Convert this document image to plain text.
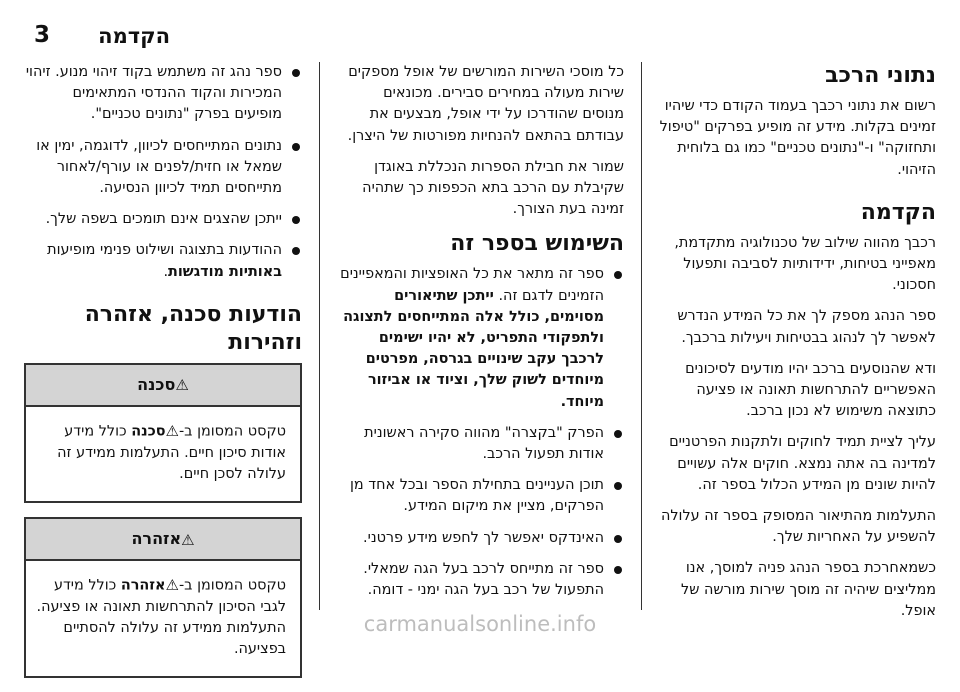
הקדמה
3
נתוני הרכב

רשום את נתוני רכבך בעמוד הקודם כדי שיהיו זמינים בקלות. מידע זה מופיע בפרקים "טיפול ותחזוקה" ו-"נתונים טכניים" כמו גם בלוחית הזיהוי.

הקדמה

רכבך מהווה שילוב של טכנולוגיה מתקדמת, מאפייני בטיחות, ידידותיות לסביבה ותפעול חסכוני.

ספר הנהג מספק לך את כל המידע הנדרש לאפשר לך לנהוג בבטיחות ויעילות ברכבך.

ודא שהנוסעים ברכב יהיו מודעים לסיכונים האפשריים להתרחשות תאונה או פציעה כתוצאה משימוש לא נכון ברכב.

עליך לציית תמיד לחוקים ולתקנות הפרטניים למדינה בה אתה נמצא. חוקים אלה עשויים להיות שונים מן המידע הכלול בספר זה.

התעלמות מהתיאור המסופק בספר זה עלולה להשפיע על האחריות שלך.

כשמאחרכת בספר הנהג פניה למוסך, אנו ממליצים שיהיה זה מוסך שירות מורשה של אופל.

כל מוסכי השירות המורשים של אופל מספקים שירות מעולה במחירים סבירים. מכונאים מנוסים שהודרכו על ידי אופל, מבצעים את עבודתם בהתאם להנחיות מפורטות של היצרן.

שמור את חבילת הספרות הנכללת באוגדן שקיבלת עם הרכב בתא הכפפות כך שתהיה זמינה בעת הצורך.

השימוש בספר זה
ספר זה מתאר את כל האופציות והמאפיינים הזמינים לדגם זה. ייתכן שתיאורים מסוימים, כולל אלה המתייחסים לתצוגה ולתפקודי התפריט, לא יהיו ישימים לרכבך עקב שינויים בגרסה, מפרטים מיוחדים לשוק שלך, וציוד או אביזור מיוחד.
הפרק "בקצרה" מהווה סקירה ראשונית אודות תפעול הרכב.
תוכן העניינים בתחילת הספר ובכל אחד מן הפרקים, מציין את מיקום המידע.
האינדקס יאפשר לך לחפש מידע פרטני.
ספר זה מתייחס לרכב בעל הגה שמאלי. התפעול של רכב בעל הגה ימני - דומה.
ספר נהג זה משתמש בקוד זיהוי מנוע. זיהוי המכירות והקוד ההנדסי המתאימים מופיעים בפרק "נתונים טכניים".
נתונים המתייחסים לכיוון, לדוגמה, ימין או שמאל או חזית/לפנים או עורף/לאחור מתייחסים תמיד לכיוון הנסיעה.
ייתכן שהצגים אינם תומכים בשפה שלך.
ההודעות בתצוגה ושילוט פנימי מופיעות באותיות מודגשות.
הודעות סכנה, אזהרה וזהירות
⚠סכנה
טקסט המסומן ב-⚠סכנה כולל מידע אודות סיכון חיים. התעלמות ממידע זה עלולה לסכן חיים.
⚠אזהרה
טקסט המסומן ב-⚠אזהרה כולל מידע לגבי הסיכון להתרחשות תאונה או פציעה. התעלמות ממידע זה עלולה להסתיים בפציעה.
carmanualsonline.info
